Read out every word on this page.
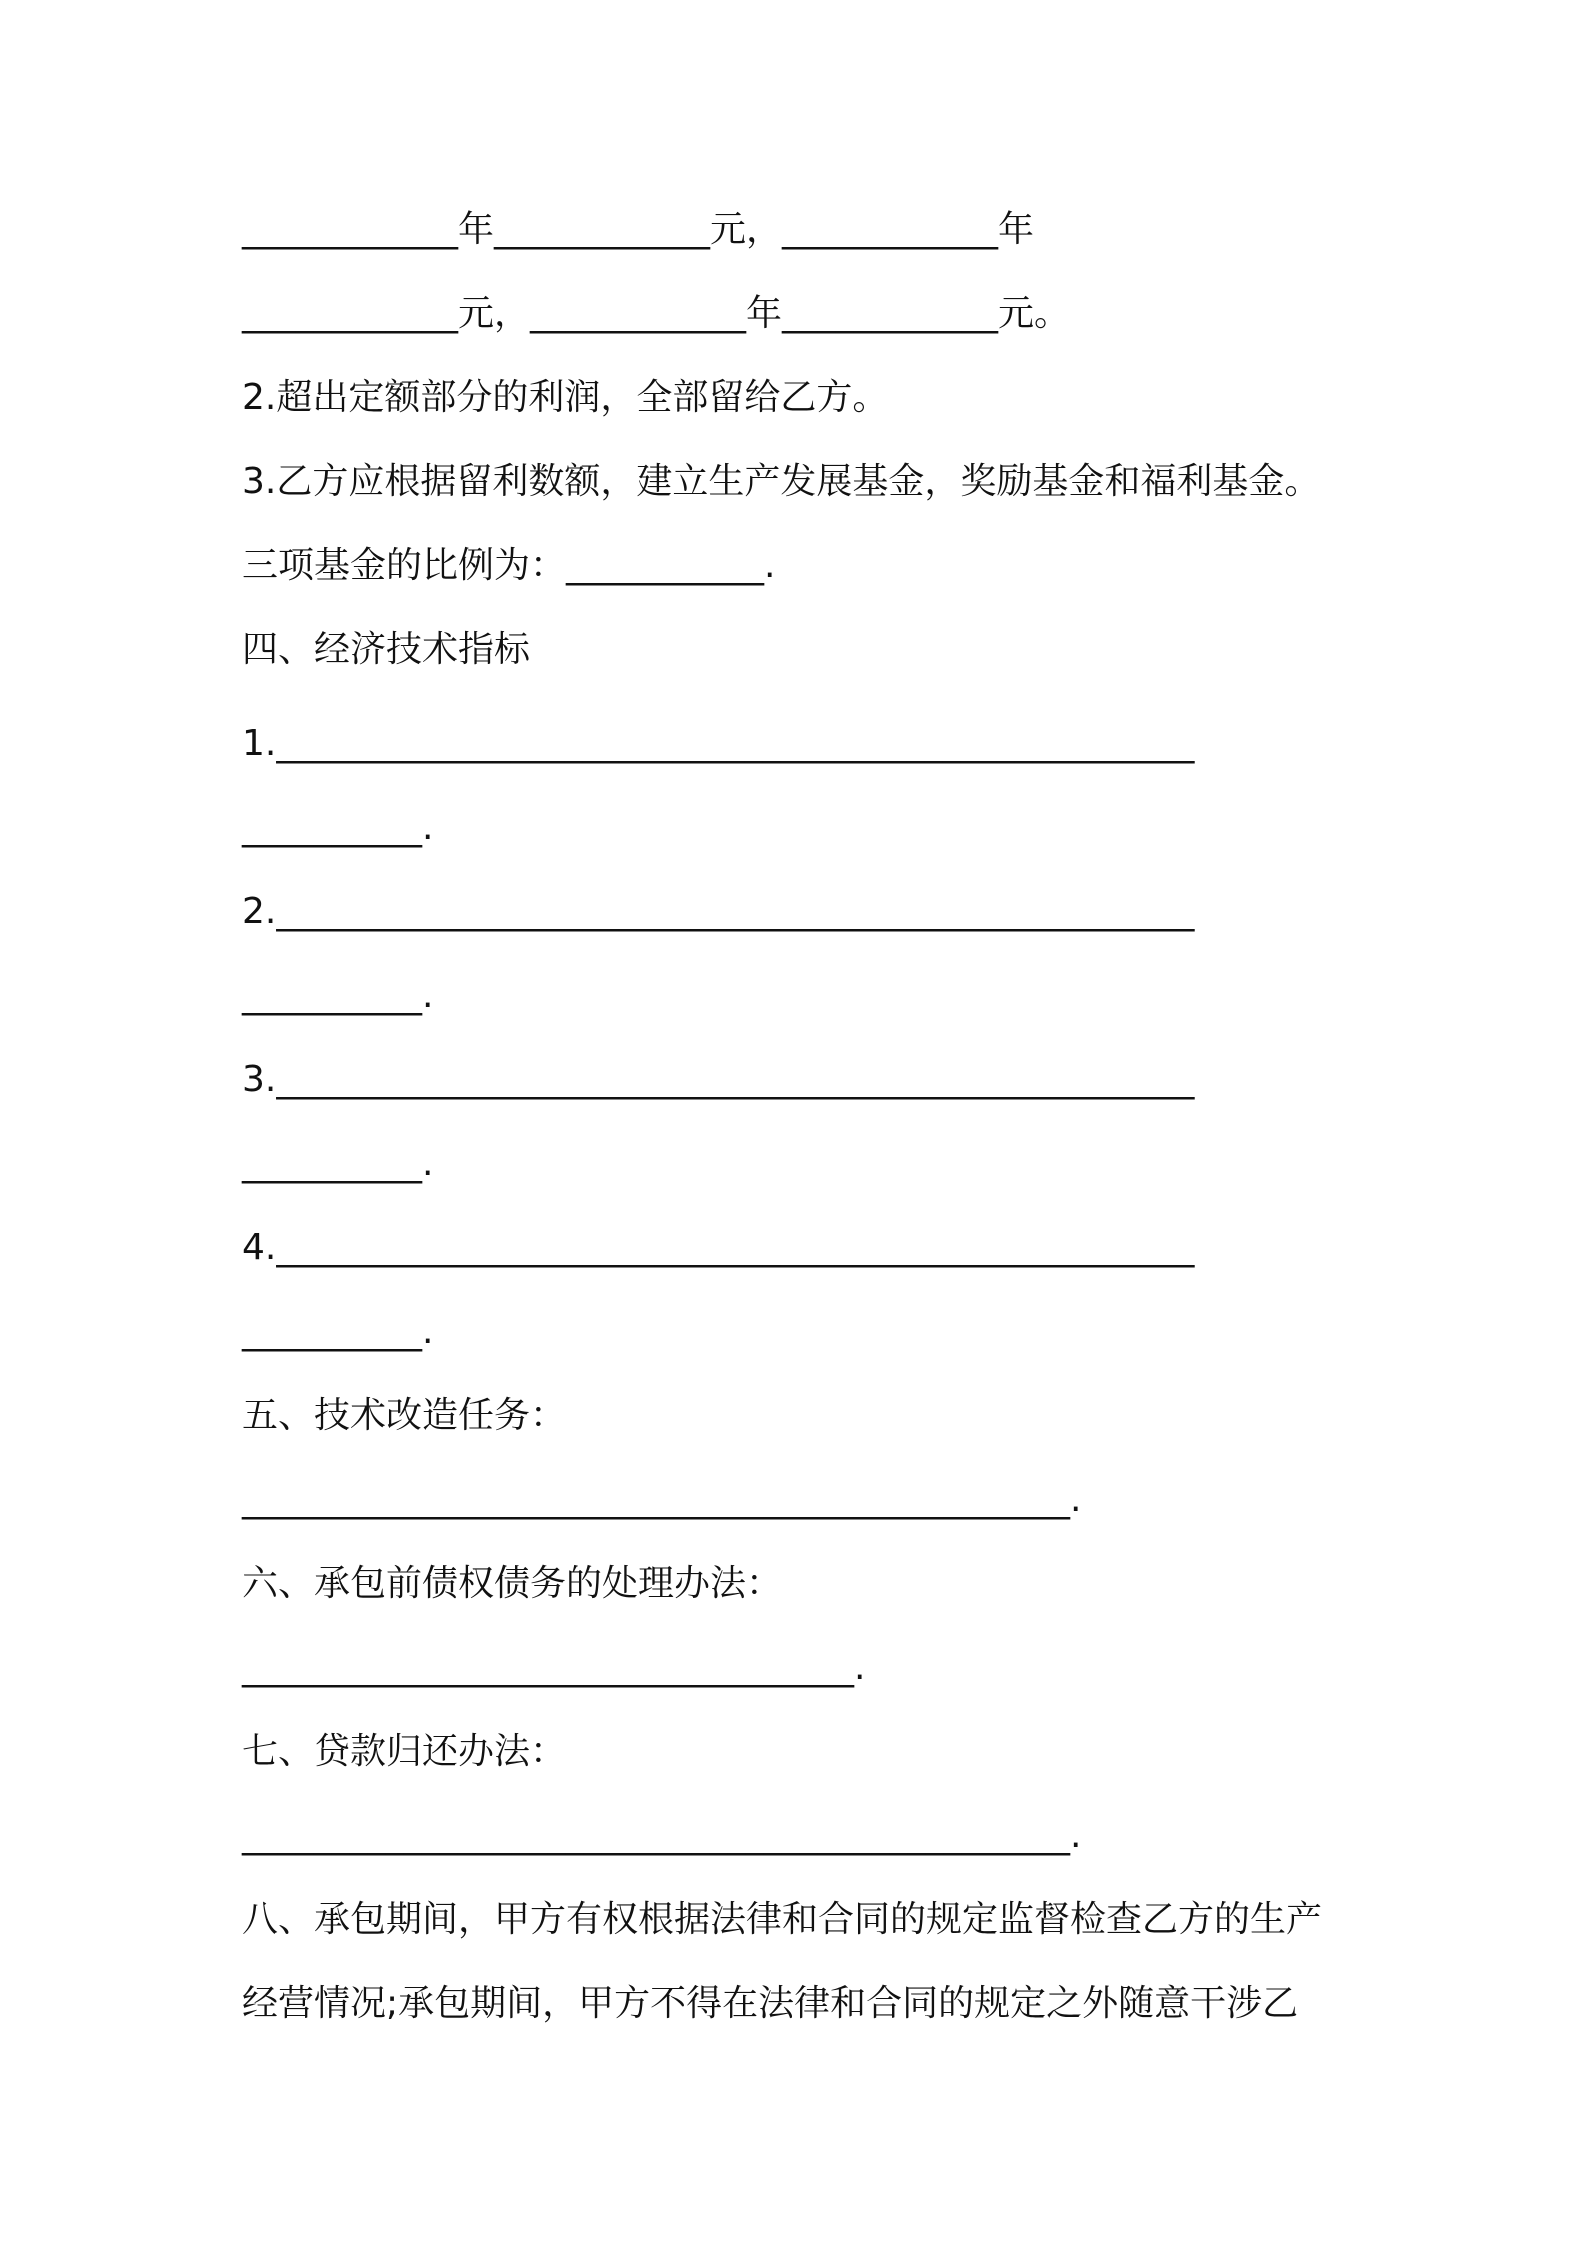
____________年____________元，____________年
____________元，____________年____________元。
2.超出定额部分的利润，全部留给乙方。
3.乙方应根据留利数额，建立生产发展基金，奖励基金和福利基金。
三项基金的比例为：___________.
四、经济技术指标
1.___________________________________________________
__________.
2.___________________________________________________
__________.
3.___________________________________________________
__________.
4.___________________________________________________
__________.
五、技术改造任务：
______________________________________________.
六、承包前债权债务的处理办法：
__________________________________.
七、贷款归还办法：
______________________________________________.
八、承包期间，甲方有权根据法律和合同的规定监督检查乙方的生产
经营情况;承包期间，甲方不得在法律和合同的规定之外随意干涉乙
